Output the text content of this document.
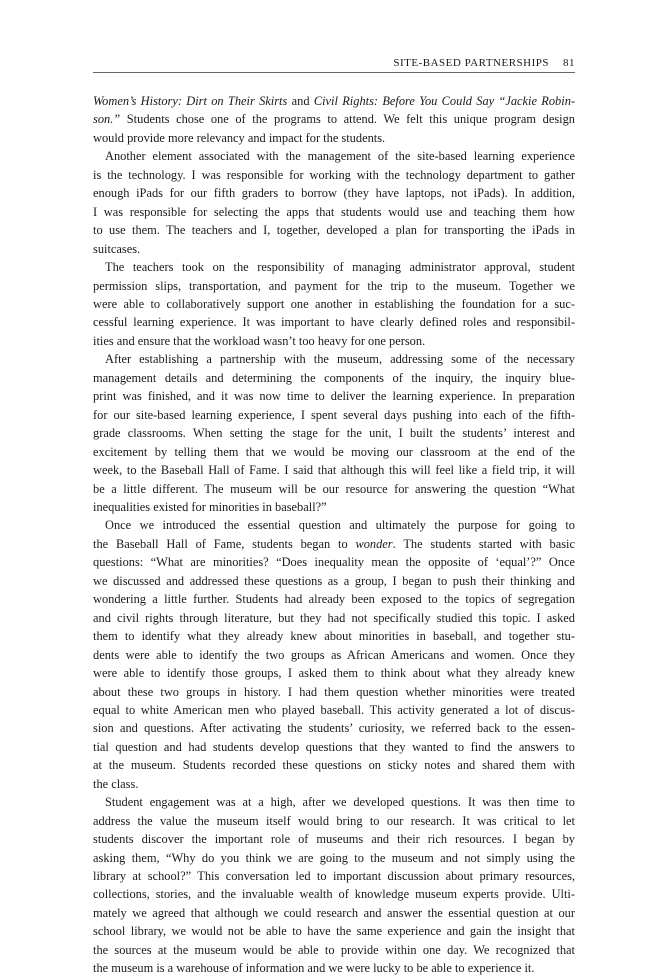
SITE-BASED PARTNERSHIPS 81
Women’s History: Dirt on Their Skirts and Civil Rights: Before You Could Say “Jackie Robin-
son.” Students chose one of the programs to attend. We felt this unique program design
would provide more relevancy and impact for the students.
Another element associated with the management of the site-based learning experience
is the technology. I was responsible for working with the technology department to gather
enough iPads for our fifth graders to borrow (they have laptops, not iPads). In addition,
I was responsible for selecting the apps that students would use and teaching them how
to use them. The teachers and I, together, developed a plan for transporting the iPads in
suitcases.
The teachers took on the responsibility of managing administrator approval, student
permission slips, transportation, and payment for the trip to the museum. Together we
were able to collaboratively support one another in establishing the foundation for a suc-
cessful learning experience. It was important to have clearly defined roles and responsibil-
ities and ensure that the workload wasn’t too heavy for one person.
After establishing a partnership with the museum, addressing some of the necessary
management details and determining the components of the inquiry, the inquiry blue-
print was finished, and it was now time to deliver the learning experience. In preparation
for our site-based learning experience, I spent several days pushing into each of the fifth-
grade classrooms. When setting the stage for the unit, I built the students’ interest and
excitement by telling them that we would be moving our classroom at the end of the
week, to the Baseball Hall of Fame. I said that although this will feel like a field trip, it will
be a little different. The museum will be our resource for answering the question “What
inequalities existed for minorities in baseball?”
Once we introduced the essential question and ultimately the purpose for going to
the Baseball Hall of Fame, students began to wonder. The students started with basic
questions: “What are minorities? “Does inequality mean the opposite of ‘equal’?” Once
we discussed and addressed these questions as a group, I began to push their thinking and
wondering a little further. Students had already been exposed to the topics of segregation
and civil rights through literature, but they had not specifically studied this topic. I asked
them to identify what they already knew about minorities in baseball, and together stu-
dents were able to identify the two groups as African Americans and women. Once they
were able to identify those groups, I asked them to think about what they already knew
about these two groups in history. I had them question whether minorities were treated
equal to white American men who played baseball. This activity generated a lot of discus-
sion and questions. After activating the students’ curiosity, we referred back to the essen-
tial question and had students develop questions that they wanted to find the answers to
at the museum. Students recorded these questions on sticky notes and shared them with
the class.
Student engagement was at a high, after we developed questions. It was then time to
address the value the museum itself would bring to our research. It was critical to let
students discover the important role of museums and their rich resources. I began by
asking them, “Why do you think we are going to the museum and not simply using the
library at school?” This conversation led to important discussion about primary resources,
collections, stories, and the invaluable wealth of knowledge museum experts provide. Ulti-
mately we agreed that although we could research and answer the essential question at our
school library, we would not be able to have the same experience and gain the insight that
the sources at the museum would be able to provide within one day. We recognized that
the museum is a warehouse of information and we were lucky to be able to experience it.
